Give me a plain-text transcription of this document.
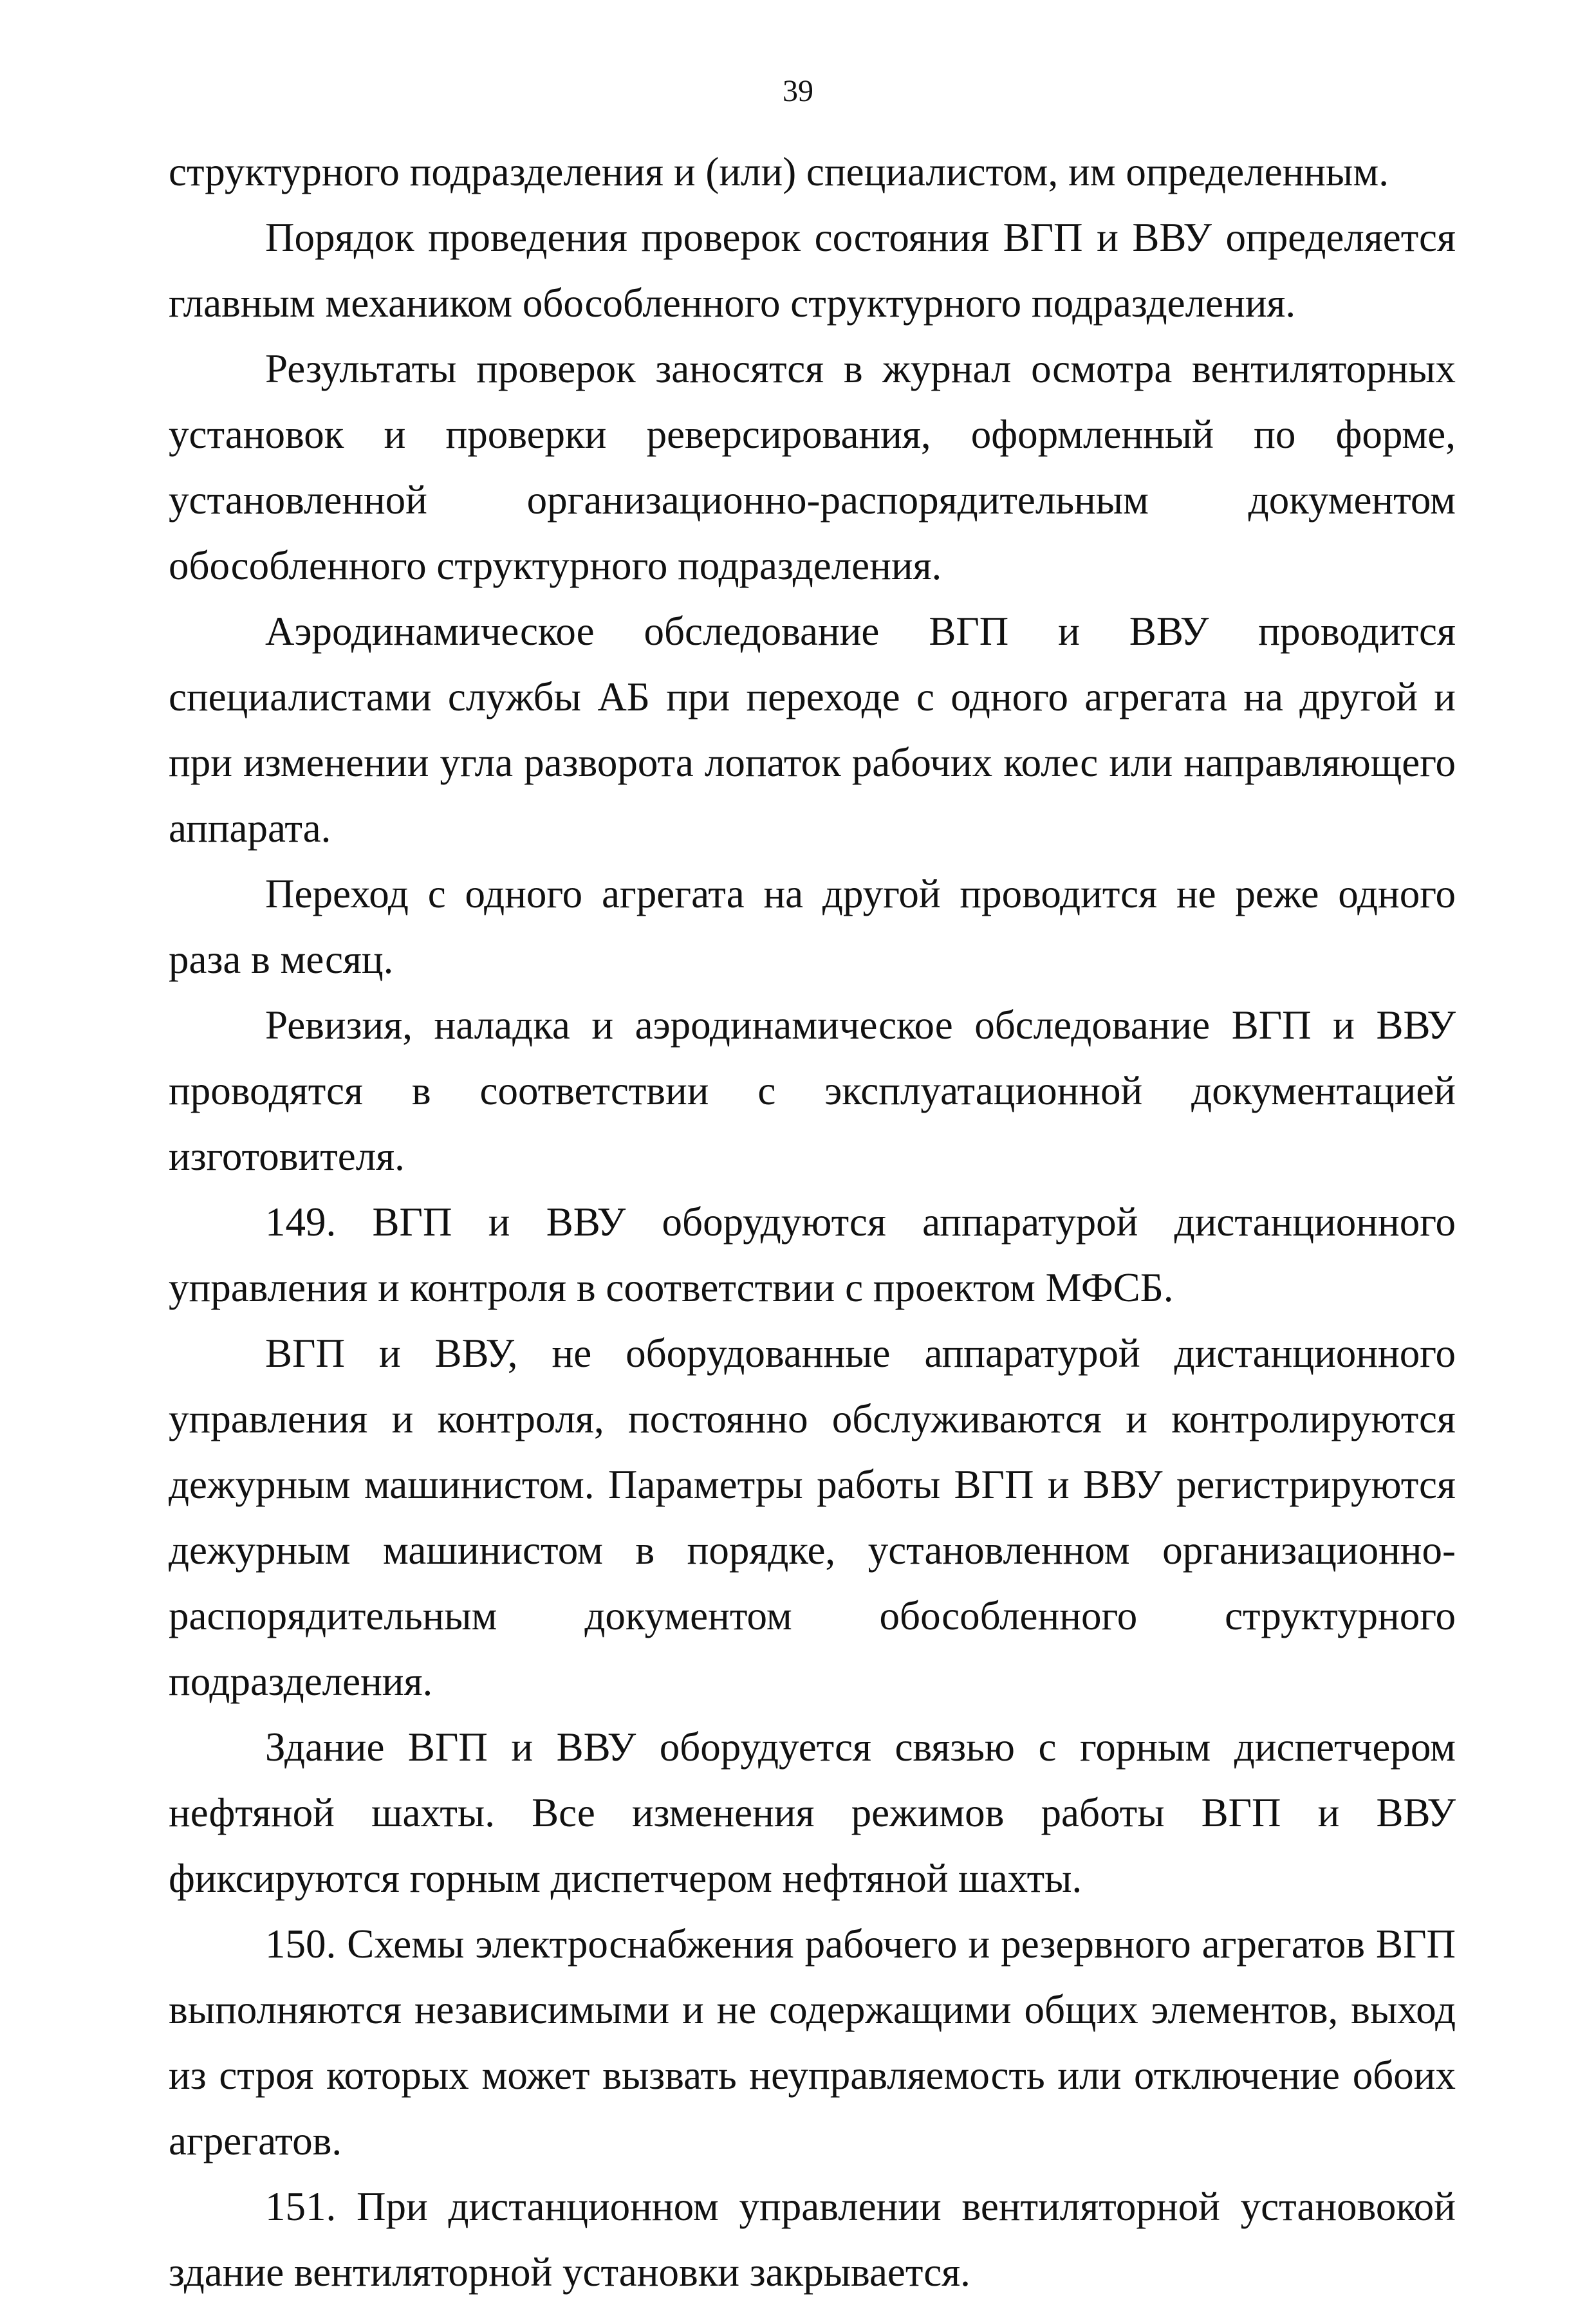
39

структурного подразделения и (или) специалистом, им определенным.

Порядок проведения проверок состояния ВГП и ВВУ определяется главным механиком обособленного структурного подразделения.

Результаты проверок заносятся в журнал осмотра вентиляторных установок и проверки реверсирования, оформленный по форме, установленной организационно-распорядительным документом обособленного структурного подразделения.

Аэродинамическое обследование ВГП и ВВУ проводится специалистами службы АБ при переходе с одного агрегата на другой и при изменении угла разворота лопаток рабочих колес или направляющего аппарата.

Переход с одного агрегата на другой проводится не реже одного раза в месяц.

Ревизия, наладка и аэродинамическое обследование ВГП и ВВУ проводятся в соответствии с эксплуатационной документацией изготовителя.

149. ВГП и ВВУ оборудуются аппаратурой дистанционного управления и контроля в соответствии с проектом МФСБ.

ВГП и ВВУ, не оборудованные аппаратурой дистанционного управления и контроля, постоянно обслуживаются и контролируются дежурным машинистом. Параметры работы ВГП и ВВУ регистрируются дежурным машинистом в порядке, установленном организационно-распорядительным документом обособленного структурного подразделения.

Здание ВГП и ВВУ оборудуется связью с горным диспетчером нефтяной шахты. Все изменения режимов работы ВГП и ВВУ фиксируются горным диспетчером нефтяной шахты.

150. Схемы электроснабжения рабочего и резервного агрегатов ВГП выполняются независимыми и не содержащими общих элементов, выход из строя которых может вызвать неуправляемость или отключение обоих агрегатов.

151. При дистанционном управлении вентиляторной установокой здание вентиляторной установки закрывается.
